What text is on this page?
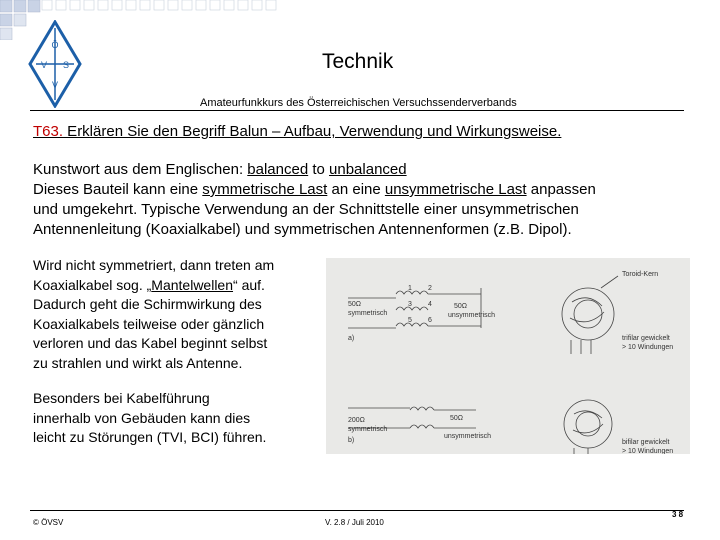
Ö
V S
V
Technik
Amateurfunkkurs des Österreichischen Versuchssenderverbands
T63. Erklären Sie den Begriff Balun – Aufbau, Verwendung und Wirkungsweise.
Kunstwort aus dem Englischen: balanced to unbalanced
Dieses Bauteil kann eine symmetrische Last an eine unsymmetrische Last anpassen
und umgekehrt. Typische Verwendung an der Schnittstelle einer unsymmetrischen
Antennenleitung (Koaxialkabel) und symmetrischen Antennenformen (z.B. Dipol).
Wird nicht symmetriert, dann treten am
Koaxialkabel sog. „Mantelwellen“ auf.
Dadurch geht die Schirmwirkung des
Koaxialkabels teilweise oder gänzlich
verloren und das Kabel beginnt selbst
zu strahlen und wirkt als Antenne.
Besonders bei Kabelführung
innerhalb von Gebäuden kann dies
leicht zu Störungen (TVI, BCI) führen.
50Ω
symmetrisch
a)
50Ω
unsymmetrisch
1 2
3 4
5 6
Toroid-Kern
trifilar gewickelt
> 10 Windungen
200Ω
symmetrisch
b)
50Ω
unsymmetrisch
bifilar gewickelt
> 10 Windungen
© ÖVSV	V. 2.8 / Juli 2010
3 8
